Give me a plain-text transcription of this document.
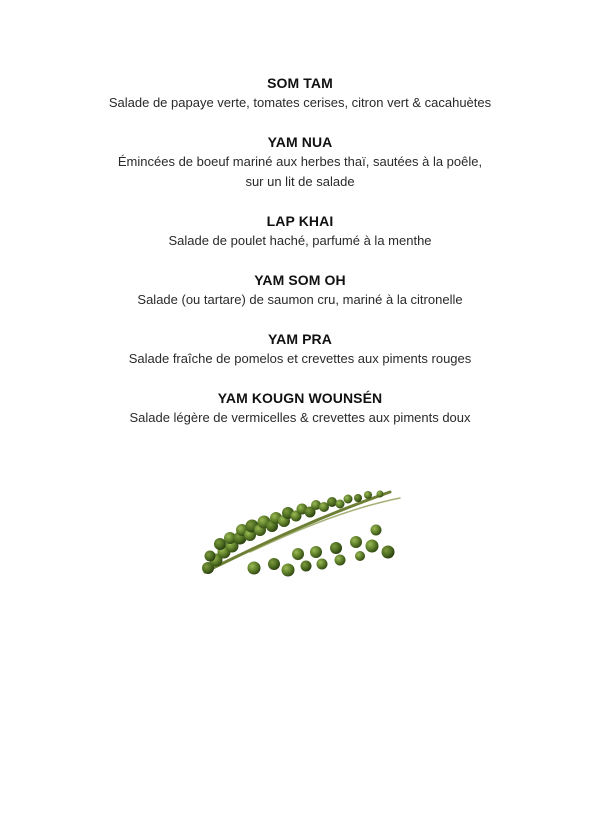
SOM TAM
Salade de papaye verte, tomates cerises, citron vert & cacahuètes
YAM NUA
Émincées de boeuf mariné aux herbes thaï, sautées à la poêle,
sur un lit de salade
LAP KHAI
Salade de poulet haché, parfumé à la menthe
YAM SOM OH
Salade (ou tartare) de saumon cru, mariné à la citronelle
YAM PRA
Salade fraîche de pomelos et crevettes aux piments rouges
YAM KOUGN WOUNSÉN
Salade légère de vermicelles & crevettes aux piments doux
